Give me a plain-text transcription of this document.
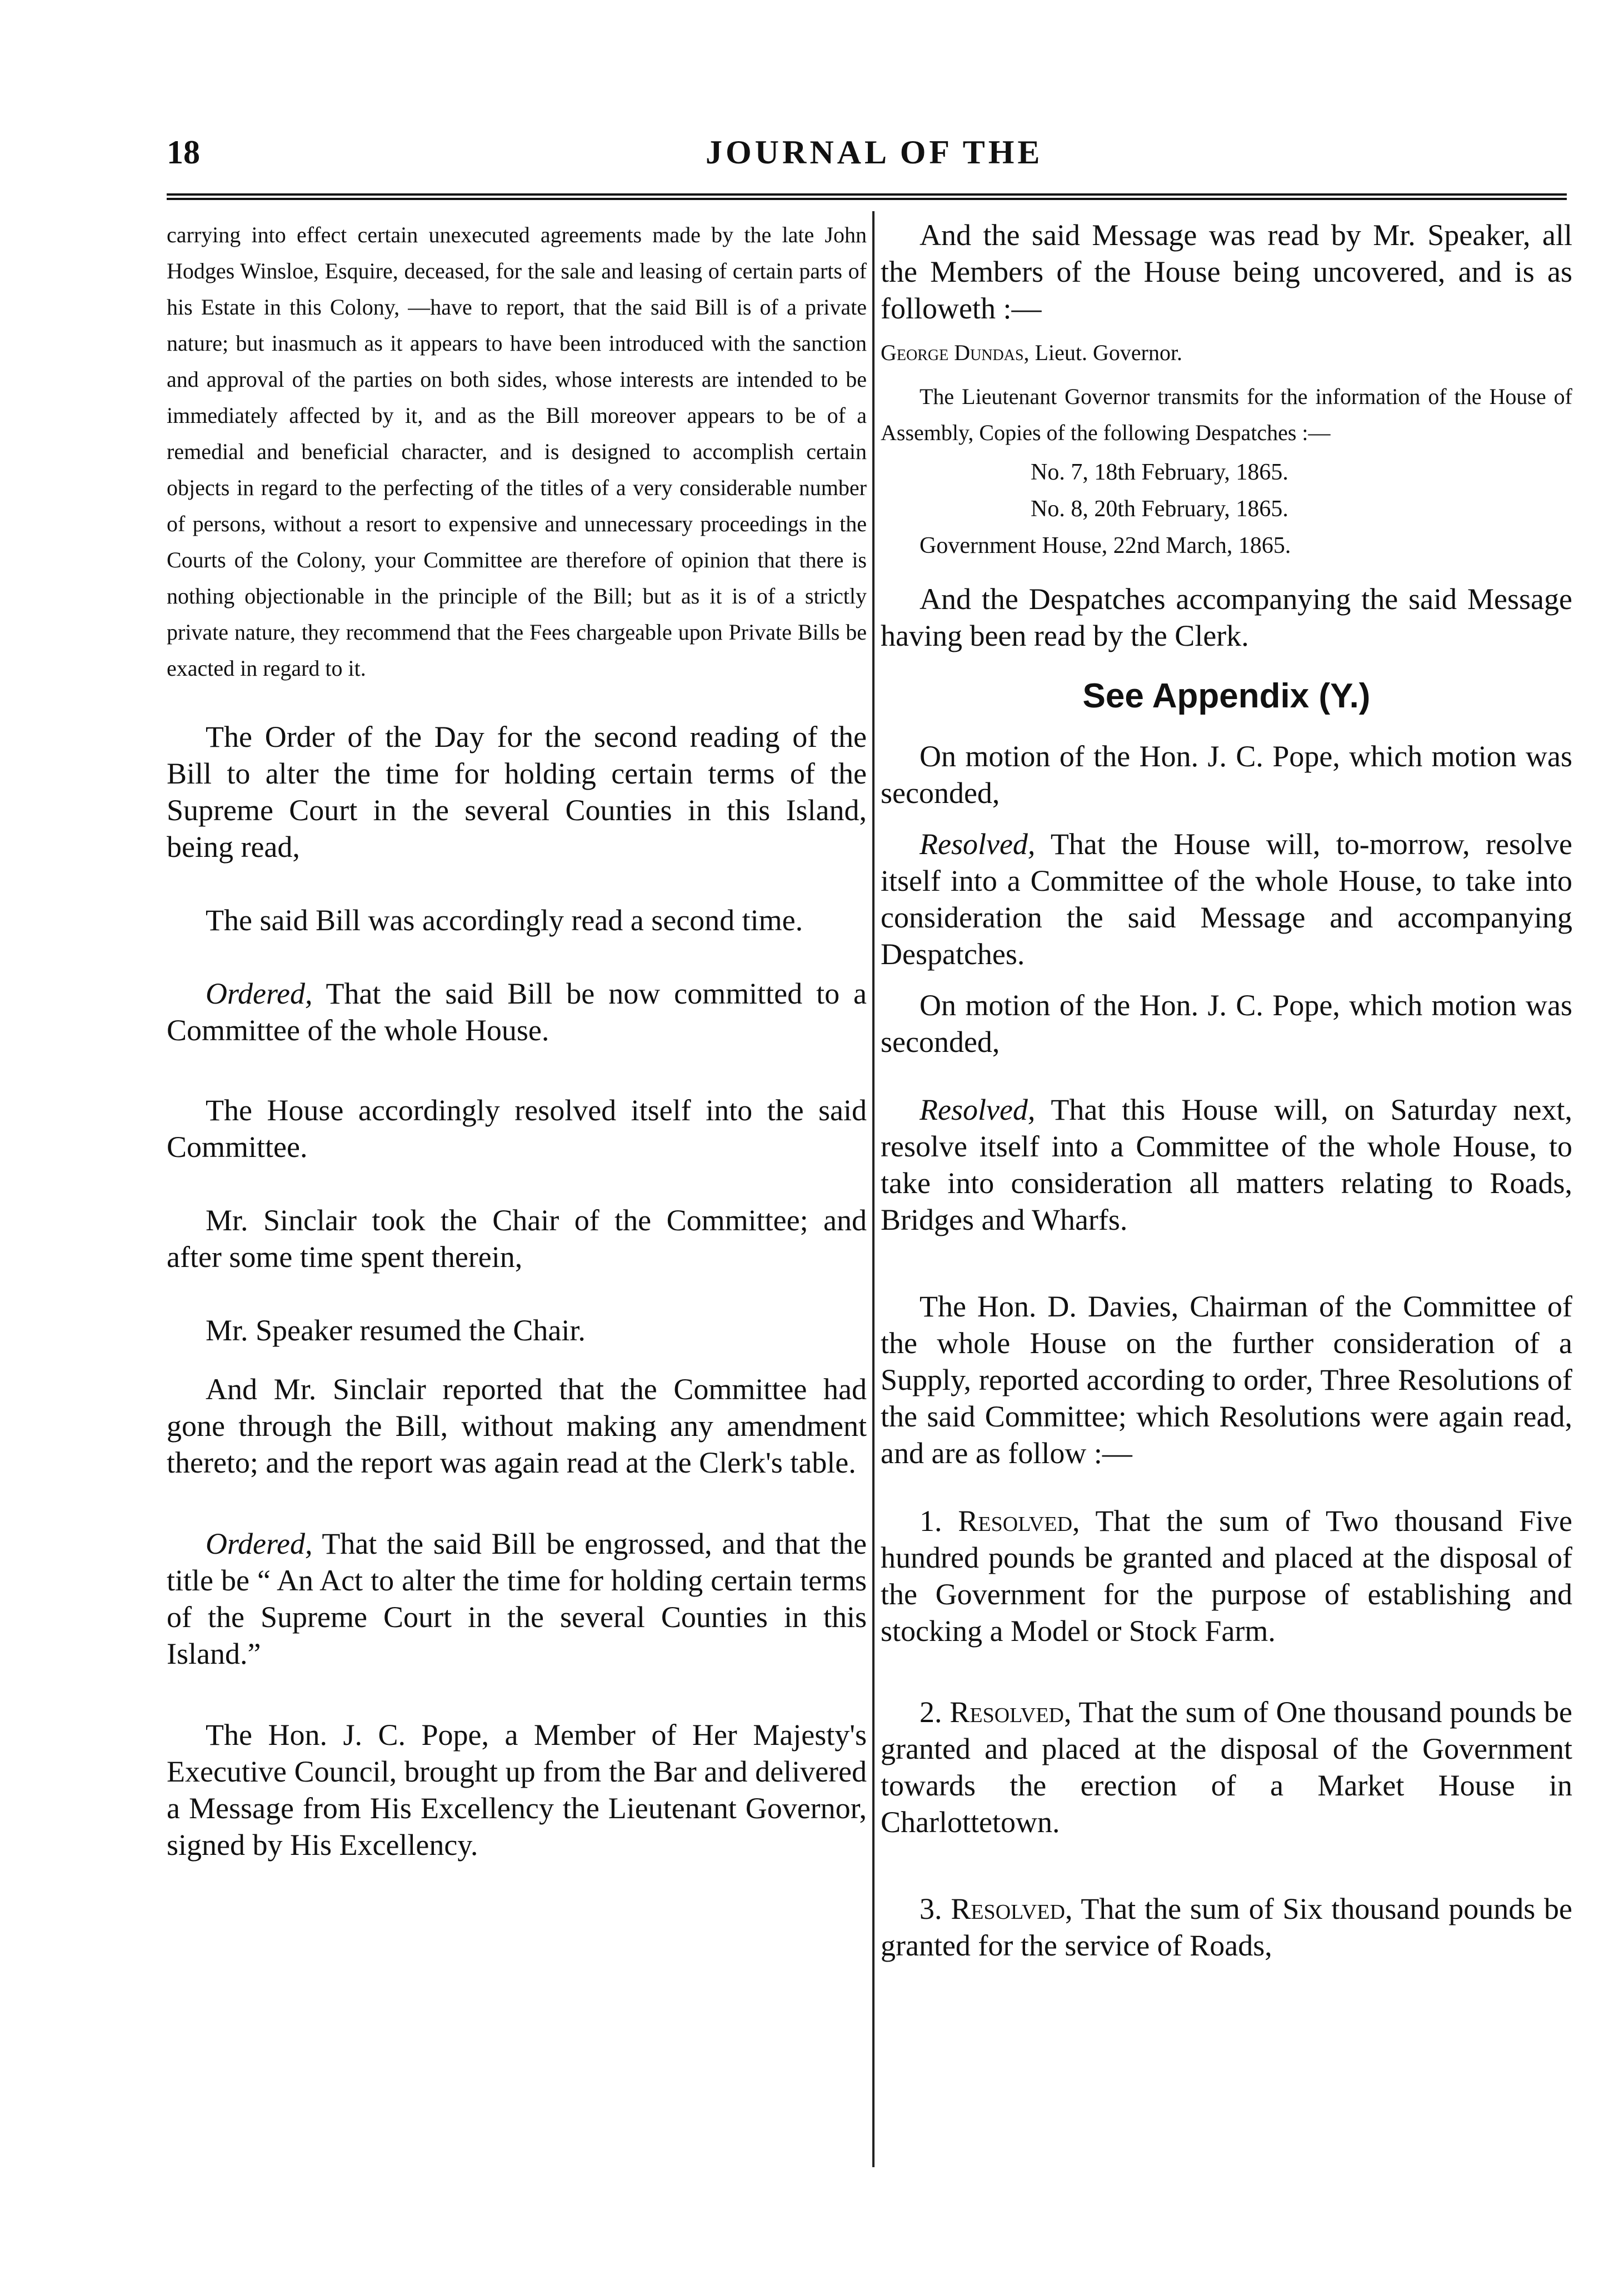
18	JOURNAL OF THE

carrying into effect certain unexecuted agreements made by the late John Hodges Winsloe, Esquire, deceased, for the sale and leasing of certain parts of his Estate in this Colony, —have to report, that the said Bill is of a private nature; but inasmuch as it appears to have been introduced with the sanction and approval of the parties on both sides, whose interests are intended to be immediately affected by it, and as the Bill moreover appears to be of a remedial and beneficial character, and is designed to accomplish certain objects in regard to the perfecting of the titles of a very considerable number of persons, without a resort to expensive and unnecessary proceedings in the Courts of the Colony, your Committee are therefore of opinion that there is nothing objectionable in the principle of the Bill; but as it is of a strictly private nature, they recommend that the Fees chargeable upon Private Bills be exacted in regard to it.

The Order of the Day for the second reading of the Bill to alter the time for holding certain terms of the Supreme Court in the several Counties in this Island, being read,

The said Bill was accordingly read a second time.

Ordered, That the said Bill be now committed to a Committee of the whole House.

The House accordingly resolved itself into the said Committee.

Mr. Sinclair took the Chair of the Committee; and after some time spent therein,

Mr. Speaker resumed the Chair.

And Mr. Sinclair reported that the Committee had gone through the Bill, without making any amendment thereto; and the report was again read at the Clerk's table.

Ordered, That the said Bill be engrossed, and that the title be “ An Act to alter the time for holding certain terms of the Supreme Court in the several Counties in this Island.”

The Hon. J. C. Pope, a Member of Her Majesty's Executive Council, brought up from the Bar and delivered a Message from His Excellency the Lieutenant Governor, signed by His Excellency.

And the said Message was read by Mr. Speaker, all the Members of the House being uncovered, and is as followeth :—

George Dundas, Lieut. Governor.

The Lieutenant Governor transmits for the information of the House of Assembly, Copies of the following Despatches :—

No. 7, 18th February, 1865.

No. 8, 20th February, 1865.

Government House, 22nd March, 1865.

And the Despatches accompanying the said Message having been read by the Clerk.

See Appendix (Y.)

On motion of the Hon. J. C. Pope, which motion was seconded,

Resolved, That the House will, to-morrow, resolve itself into a Committee of the whole House, to take into consideration the said Message and accompanying Despatches.

On motion of the Hon. J. C. Pope, which motion was seconded,

Resolved, That this House will, on Saturday next, resolve itself into a Committee of the whole House, to take into consideration all matters relating to Roads, Bridges and Wharfs.

The Hon. D. Davies, Chairman of the Committee of the whole House on the further consideration of a Supply, reported according to order, Three Resolutions of the said Committee; which Resolutions were again read, and are as follow :—

1. Resolved, That the sum of Two thousand Five hundred pounds be granted and placed at the disposal of the Government for the purpose of establishing and stocking a Model or Stock Farm.

2. Resolved, That the sum of One thousand pounds be granted and placed at the disposal of the Government towards the erection of a Market House in Charlottetown.

3. Resolved, That the sum of Six thousand pounds be granted for the service of Roads,
